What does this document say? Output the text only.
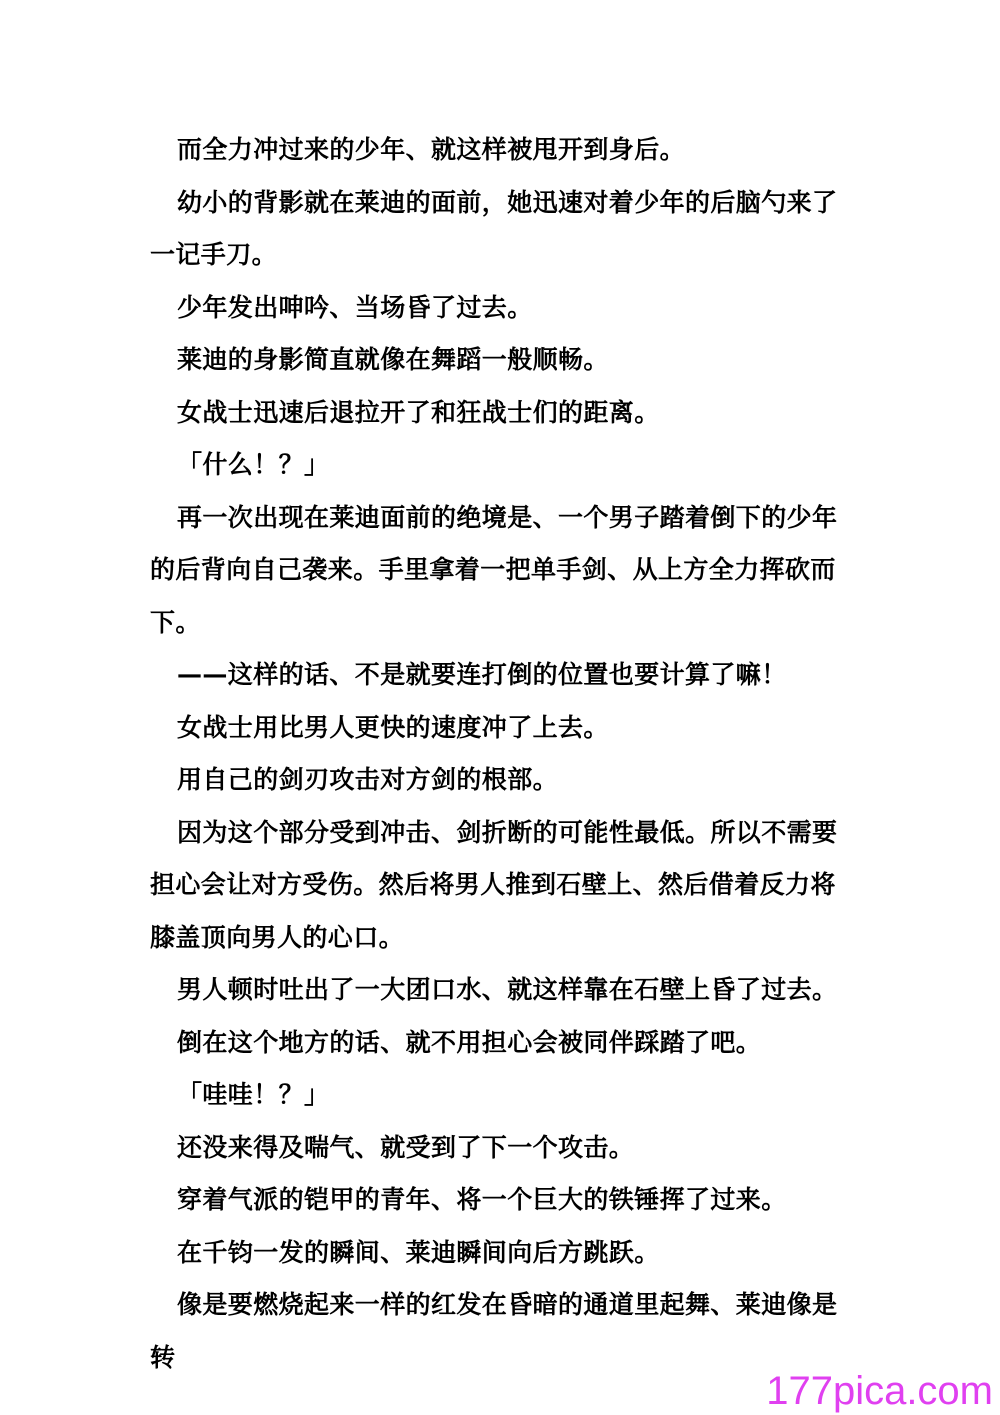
而全力冲过来的少年、就这样被甩开到身后。

幼小的背影就在莱迪的面前，她迅速对着少年的后脑勺来了一记手刀。

少年发出呻吟、当场昏了过去。

莱迪的身影简直就像在舞蹈一般顺畅。

女战士迅速后退拉开了和狂战士们的距离。

「什么！？」

再一次出现在莱迪面前的绝境是、一个男子踏着倒下的少年的后背向自己袭来。手里拿着一把单手剑、从上方全力挥砍而下。

——这样的话、不是就要连打倒的位置也要计算了嘛！

女战士用比男人更快的速度冲了上去。

用自己的剑刃攻击对方剑的根部。

因为这个部分受到冲击、剑折断的可能性最低。所以不需要担心会让对方受伤。然后将男人推到石壁上、然后借着反力将膝盖顶向男人的心口。

男人顿时吐出了一大团口水、就这样靠在石壁上昏了过去。

倒在这个地方的话、就不用担心会被同伴踩踏了吧。

「哇哇！？」

还没来得及喘气、就受到了下一个攻击。

穿着气派的铠甲的青年、将一个巨大的铁锤挥了过来。

在千钧一发的瞬间、莱迪瞬间向后方跳跃。

像是要燃烧起来一样的红发在昏暗的通道里起舞、莱迪像是转

177pica.com
